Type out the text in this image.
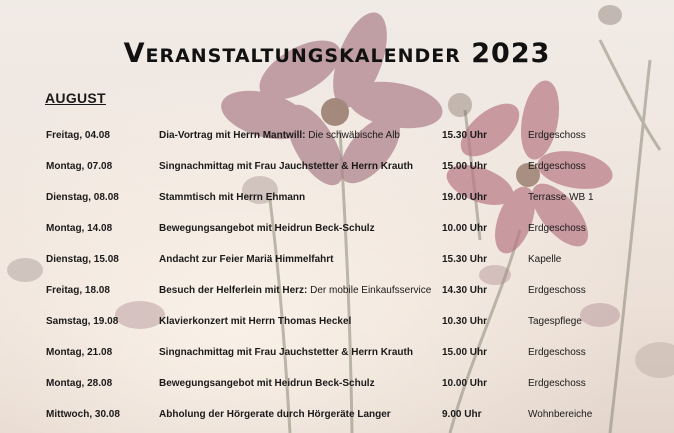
Veranstaltungskalender 2023
AUGUST
Freitag, 04.08	Dia-Vortrag mit Herrn Mantwill: Die schwäbische Alb	15.30 Uhr	Erdgeschoss
Montag, 07.08	Singnachmittag mit Frau Jauchstetter & Herrn Krauth	15.00 Uhr	Erdgeschoss
Dienstag, 08.08	Stammtisch mit Herrn Ehmann	19.00 Uhr	Terrasse WB 1
Montag, 14.08	Bewegungsangebot mit Heidrun Beck-Schulz	10.00 Uhr	Erdgeschoss
Dienstag, 15.08	Andacht zur Feier Mariä Himmelfahrt	15.30 Uhr	Kapelle
Freitag, 18.08	Besuch der Helferlein mit Herz: Der mobile Einkaufsservice 14.30 Uhr	Erdgeschoss
Samstag, 19.08	Klavierkonzert mit Herrn Thomas Heckel	10.30 Uhr	Tagespflege
Montag, 21.08	Singnachmittag mit Frau Jauchstetter & Herrn Krauth	15.00 Uhr	Erdgeschoss
Montag, 28.08	Bewegungsangebot mit Heidrun Beck-Schulz	10.00 Uhr	Erdgeschoss
Mittwoch, 30.08	Abholung der Hörgerate durch Hörgeräte Langer	9.00 Uhr	Wohnbereiche
